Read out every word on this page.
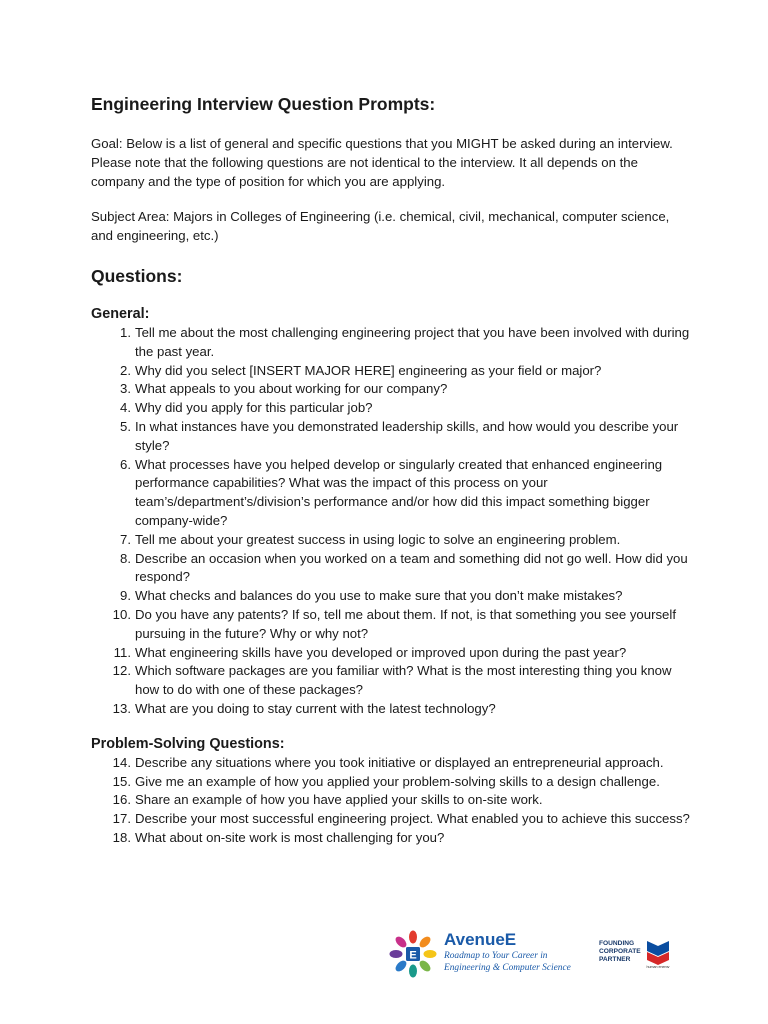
Engineering Interview Question Prompts:

Goal: Below is a list of general and specific questions that you MIGHT be asked during an interview. Please note that the following questions are not identical to the interview. It all depends on the company and the type of position for which you are applying.

Subject Area: Majors in Colleges of Engineering (i.e. chemical, civil, mechanical, computer science, and engineering, etc.)

Questions:
General:
1. Tell me about the most challenging engineering project that you have been involved with during the past year.
2. Why did you select [INSERT MAJOR HERE] engineering as your field or major?
3. What appeals to you about working for our company?
4. Why did you apply for this particular job?
5. In what instances have you demonstrated leadership skills, and how would you describe your style?
6. What processes have you helped develop or singularly created that enhanced engineering performance capabilities? What was the impact of this process on your team’s/department’s/division’s performance and/or how did this impact something bigger company-wide?
7. Tell me about your greatest success in using logic to solve an engineering problem.
8. Describe an occasion when you worked on a team and something did not go well. How did you respond?
9. What checks and balances do you use to make sure that you don’t make mistakes?
10. Do you have any patents? If so, tell me about them. If not, is that something you see yourself pursuing in the future? Why or why not?
11. What engineering skills have you developed or improved upon during the past year?
12. Which software packages are you familiar with? What is the most interesting thing you know how to do with one of these packages?
13. What are you doing to stay current with the latest technology?
Problem-Solving Questions:
14. Describe any situations where you took initiative or displayed an entrepreneurial approach.
15. Give me an example of how you applied your problem-solving skills to a design challenge.
16. Share an example of how you have applied your skills to on-site work.
17. Describe your most successful engineering project. What enabled you to achieve this success?
18. What about on-site work is most challenging for you?
E
AvenueE
Roadmap to Your Career in
Engineering & Computer Science
FOUNDING
CORPORATE
PARTNER
human energy
